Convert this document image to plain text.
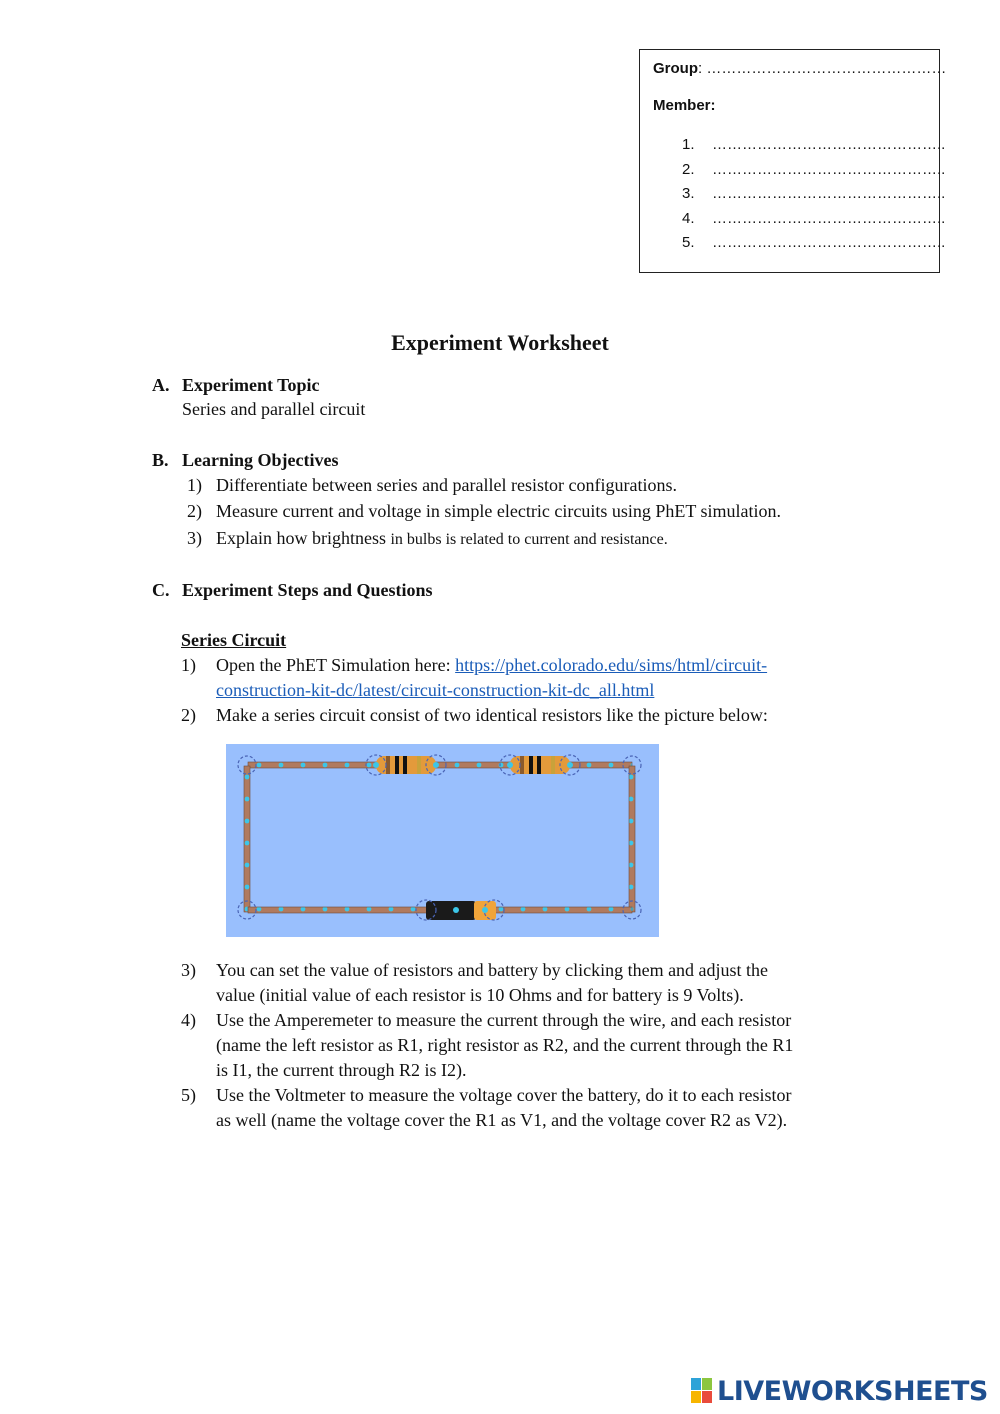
Group: …………………………………………
Member:
1. ………………………………………..
2. ………………………………………..
3. ………………………………………..
4. ………………………………………..
5. ………………………………………..
Experiment Worksheet
A. Experiment Topic
Series and parallel circuit
B. Learning Objectives
1) Differentiate between series and parallel resistor configurations.
2) Measure current and voltage in simple electric circuits using PhET simulation.
3) Explain how brightness in bulbs is related to current and resistance.
C. Experiment Steps and Questions
Series Circuit
1) Open the PhET Simulation here: https://phet.colorado.edu/sims/html/circuit-
construction-kit-dc/latest/circuit-construction-kit-dc_all.html
2) Make a series circuit consist of two identical resistors like the picture below:
3) You can set the value of resistors and battery by clicking them and adjust the
value (initial value of each resistor is 10 Ohms and for battery is 9 Volts).
4) Use the Amperemeter to measure the current through the wire, and each resistor
(name the left resistor as R1, right resistor as R2, and the current through the R1
is I1, the current through R2 is I2).
5) Use the Voltmeter to measure the voltage cover the battery, do it to each resistor
as well (name the voltage cover the R1 as V1, and the voltage cover R2 as V2).
LIVEWORKSHEETS
